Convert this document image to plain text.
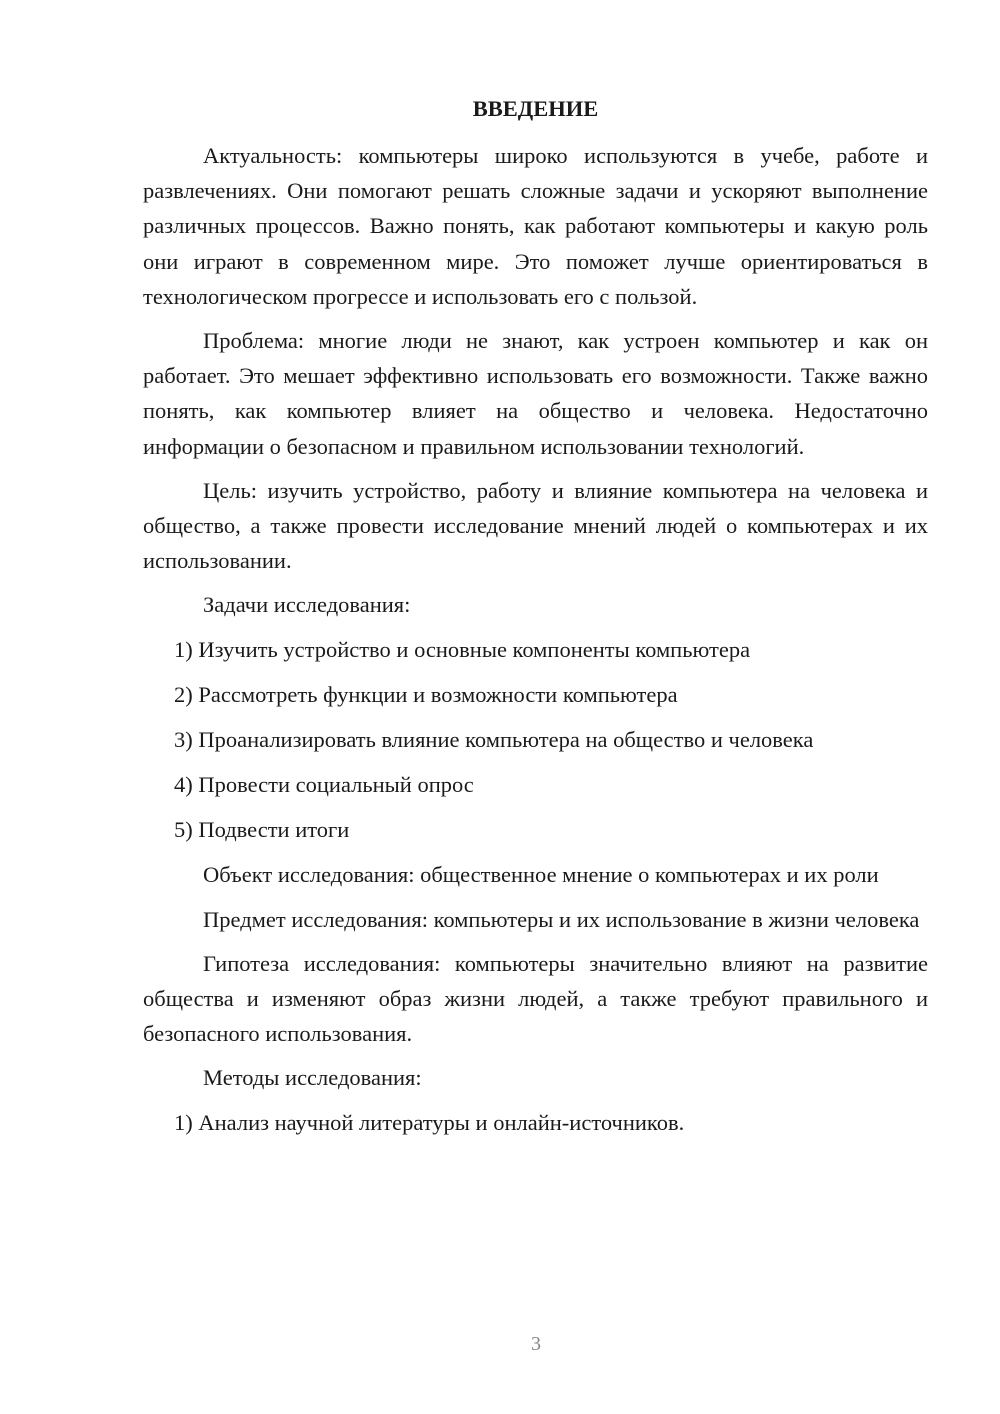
ВВЕДЕНИЕ

Актуальность: компьютеры широко используются в учебе, работе и развлечениях. Они помогают решать сложные задачи и ускоряют выполнение различных процессов. Важно понять, как работают компьютеры и какую роль они играют в современном мире. Это поможет лучше ориентироваться в технологическом прогрессе и использовать его с пользой.

Проблема: многие люди не знают, как устроен компьютер и как он работает. Это мешает эффективно использовать его возможности. Также важно понять, как компьютер влияет на общество и человека. Недостаточно информации о безопасном и правильном использовании технологий.

Цель: изучить устройство, работу и влияние компьютера на человека и общество, а также провести исследование мнений людей о компьютерах и их использовании.

Задачи исследования:
1) Изучить устройство и основные компоненты компьютера
2) Рассмотреть функции и возможности компьютера
3) Проанализировать влияние компьютера на общество и человека
4) Провести социальный опрос
5) Подвести итоги

Объект исследования: общественное мнение о компьютерах и их роли

Предмет исследования: компьютеры и их использование в жизни человека

Гипотеза исследования: компьютеры значительно влияют на развитие общества и изменяют образ жизни людей, а также требуют правильного и безопасного использования.

Методы исследования:
1) Анализ научной литературы и онлайн-источников.
3
